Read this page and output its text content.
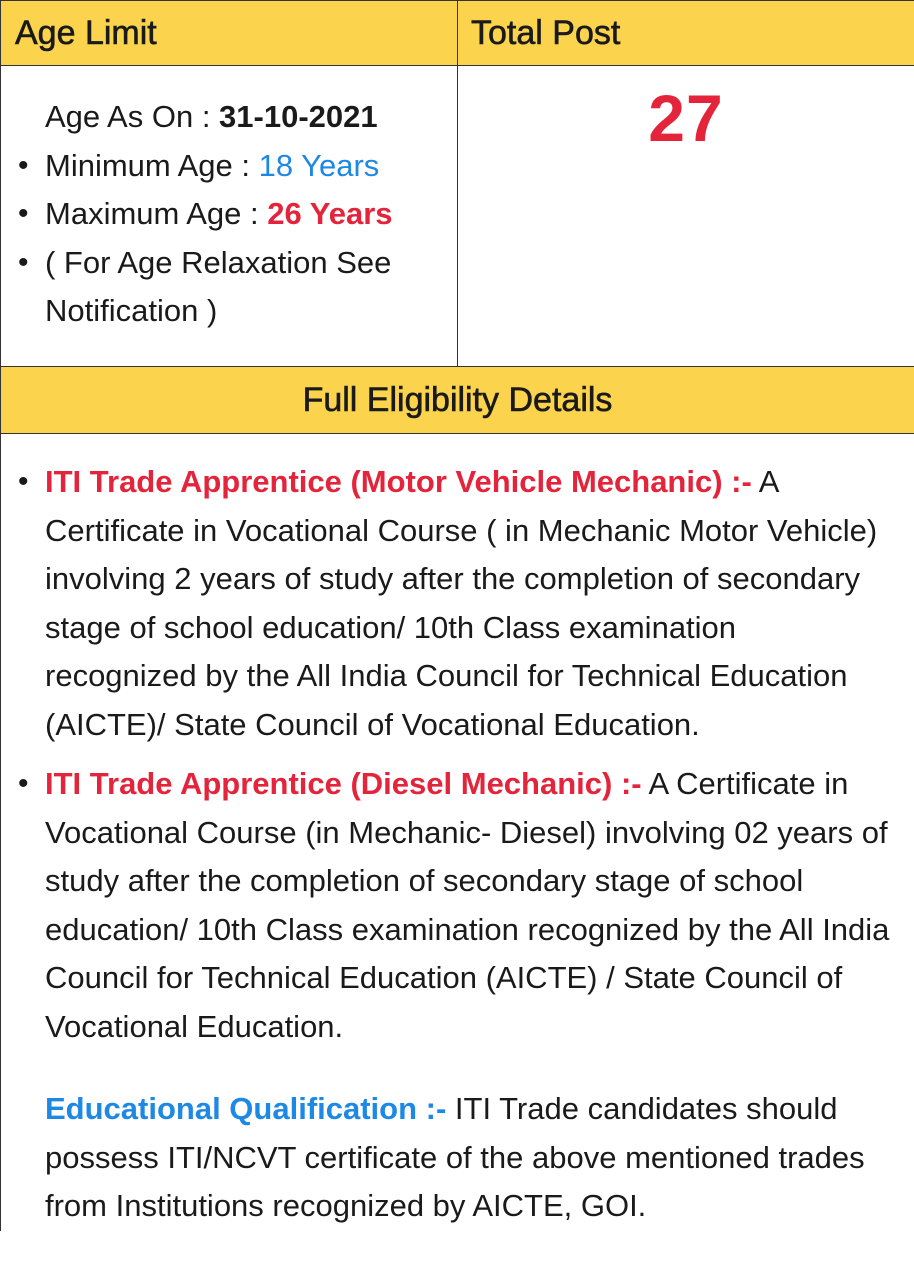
Age Limit	Total Post
Age As On : 31-10-2021
• Minimum Age : 18 Years
• Maximum Age : 26 Years
• ( For Age Relaxation See
Notification )
27
Full Eligibility Details
• ITI Trade Apprentice (Motor Vehicle Mechanic) :- A Certificate in Vocational Course ( in Mechanic Motor Vehicle) involving 2 years of study after the completion of secondary stage of school education/ 10th Class examination recognized by the All India Council for Technical Education (AICTE)/ State Council of Vocational Education.
• ITI Trade Apprentice (Diesel Mechanic) :- A Certificate in Vocational Course (in Mechanic- Diesel) involving 02 years of study after the completion of secondary stage of school education/ 10th Class examination recognized by the All India Council for Technical Education (AICTE) / State Council of Vocational Education.
Educational Qualification :- ITI Trade candidates should possess ITI/NCVT certificate of the above mentioned trades from Institutions recognized by AICTE, GOI.
